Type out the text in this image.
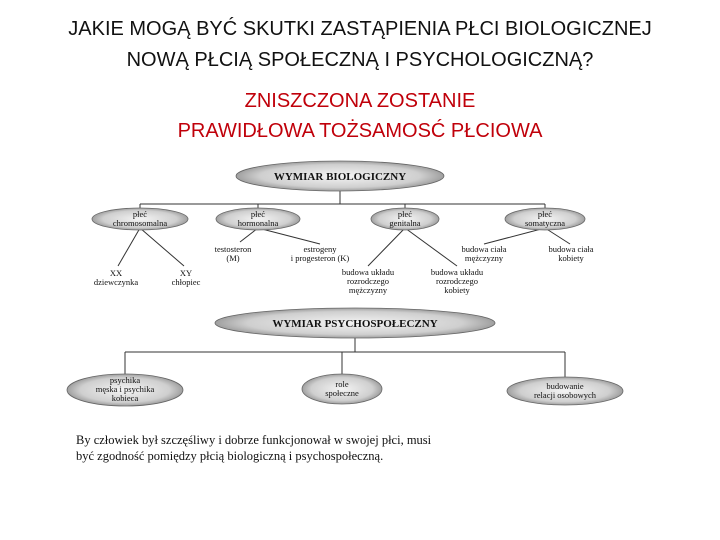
JAKIE MOGĄ BYĆ SKUTKI ZASTĄPIENIA PŁCI BIOLOGICZNEJ
NOWĄ PŁCIĄ SPOŁECZNĄ I PSYCHOLOGICZNĄ?
ZNISZCZONA ZOSTANIE
PRAWIDŁOWA TOŻSAMOSĆ PŁCIOWA
WYMIAR BIOLOGICZNY
płeć
chromosomalna
płeć
hormonalna
płeć
genitalna
płeć
somatyczna
XX
dziewczynka
XY
chłopiec
testosteron
(M)
estrogeny
i progesteron (K)
budowa układu
rozrodczego
mężczyzny
budowa układu
rozrodczego
kobiety
budowa ciała
mężczyzny
budowa ciała
kobiety
WYMIAR PSYCHOSPOŁECZNY
psychika
męska i psychika
kobieca
role
społeczne
budowanie
relacji osobowych
By człowiek był szczęśliwy i dobrze funkcjonował w swojej płci, musi
być zgodność pomiędzy płcią biologiczną i psychospołeczną.
